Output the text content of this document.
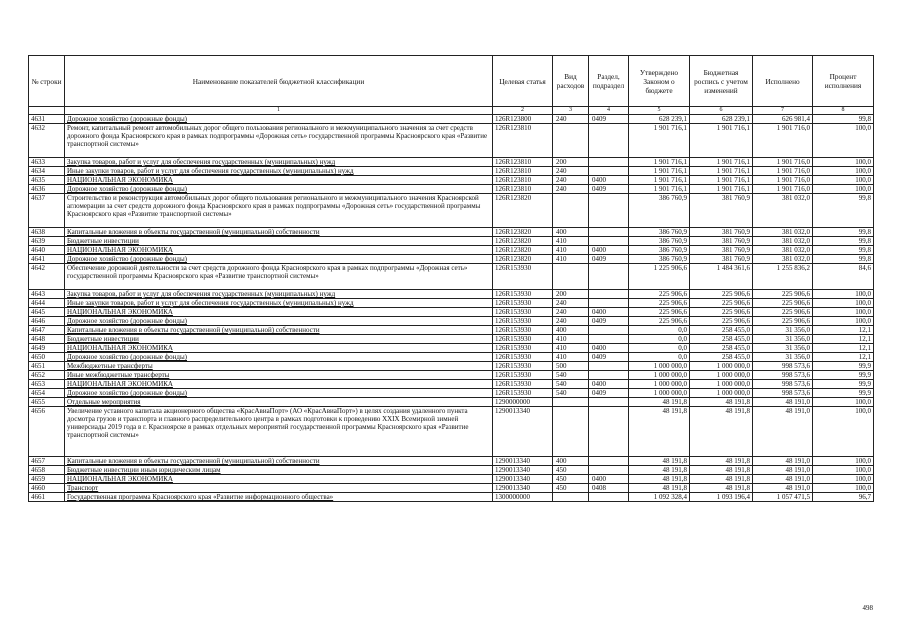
№ строки	Наименование показателей бюджетной классификации	Целевая статья	Вид расходов	Раздел, подраздел	Утверждено Законом о бюджете	Бюджетная роспись с учетом изменений	Исполнено	Процент исполнения
	1	2	3	4	5	6	7	8
4631	Дорожное хозяйство (дорожные фонды)	126R123800	240	0409	628 239,1	628 239,1	626 981,4	99,8
4632	Ремонт, капитальный ремонт автомобильных дорог общего пользования регионального и межмуниципального значения за счет средств дорожного фонда Красноярского края в рамках подпрограммы «Дорожная сеть» государственной программы Красноярского края «Развитие транспортной системы»	126R123810			1 901 716,1	1 901 716,1	1 901 716,0	100,0
4633	Закупка товаров, работ и услуг для обеспечения государственных (муниципальных) нужд	126R123810	200		1 901 716,1	1 901 716,1	1 901 716,0	100,0
4634	Иные закупки товаров, работ и услуг для обеспечения государственных (муниципальных) нужд	126R123810	240		1 901 716,1	1 901 716,1	1 901 716,0	100,0
4635	НАЦИОНАЛЬНАЯ ЭКОНОМИКА	126R123810	240	0400	1 901 716,1	1 901 716,1	1 901 716,0	100,0
4636	Дорожное хозяйство (дорожные фонды)	126R123810	240	0409	1 901 716,1	1 901 716,1	1 901 716,0	100,0
4637	Строительство и реконструкция автомобильных дорог общего пользования регионального и межмуниципального значения Красноярской агломерации за счет средств дорожного фонда Красноярского края в рамках подпрограммы «Дорожная сеть» государственной программы Красноярского края «Развитие транспортной системы»	126R123820			386 760,9	381 760,9	381 032,0	99,8
4638	Капитальные вложения в объекты государственной (муниципальной) собственности	126R123820	400		386 760,9	381 760,9	381 032,0	99,8
4639	Бюджетные инвестиции	126R123820	410		386 760,9	381 760,9	381 032,0	99,8
4640	НАЦИОНАЛЬНАЯ ЭКОНОМИКА	126R123820	410	0400	386 760,9	381 760,9	381 032,0	99,8
4641	Дорожное хозяйство (дорожные фонды)	126R123820	410	0409	386 760,9	381 760,9	381 032,0	99,8
4642	Обеспечение дорожной деятельности за счет средств дорожного фонда Красноярского края в рамках подпрограммы «Дорожная сеть» государственной программы Красноярского края «Развитие транспортной системы»	126R153930			1 225 906,6	1 484 361,6	1 255 836,2	84,6
4643	Закупка товаров, работ и услуг для обеспечения государственных (муниципальных) нужд	126R153930	200		225 906,6	225 906,6	225 906,6	100,0
4644	Иные закупки товаров, работ и услуг для обеспечения государственных (муниципальных) нужд	126R153930	240		225 906,6	225 906,6	225 906,6	100,0
4645	НАЦИОНАЛЬНАЯ ЭКОНОМИКА	126R153930	240	0400	225 906,6	225 906,6	225 906,6	100,0
4646	Дорожное хозяйство (дорожные фонды)	126R153930	240	0409	225 906,6	225 906,6	225 906,6	100,0
4647	Капитальные вложения в объекты государственной (муниципальной) собственности	126R153930	400		0,0	258 455,0	31 356,0	12,1
4648	Бюджетные инвестиции	126R153930	410		0,0	258 455,0	31 356,0	12,1
4649	НАЦИОНАЛЬНАЯ ЭКОНОМИКА	126R153930	410	0400	0,0	258 455,0	31 356,0	12,1
4650	Дорожное хозяйство (дорожные фонды)	126R153930	410	0409	0,0	258 455,0	31 356,0	12,1
4651	Межбюджетные трансферты	126R153930	500		1 000 000,0	1 000 000,0	998 573,6	99,9
4652	Иные межбюджетные трансферты	126R153930	540		1 000 000,0	1 000 000,0	998 573,6	99,9
4653	НАЦИОНАЛЬНАЯ ЭКОНОМИКА	126R153930	540	0400	1 000 000,0	1 000 000,0	998 573,6	99,9
4654	Дорожное хозяйство (дорожные фонды)	126R153930	540	0409	1 000 000,0	1 000 000,0	998 573,6	99,9
4655	Отдельные мероприятия	1290000000			48 191,8	48 191,8	48 191,0	100,0
4656	Увеличение уставного капитала акционерного общества «КрасАвиаПорт» (АО «КрасАвиаПорт») в целях создания удаленного пункта досмотра грузов и транспорта и главного распределительного центра в рамках подготовки к проведению XXIX Всемирной зимней универсиады 2019 года в г. Красноярске в рамках отдельных мероприятий государственной программы Красноярского края «Развитие транспортной системы»	1290013340			48 191,8	48 191,8	48 191,0	100,0
4657	Капитальные вложения в объекты государственной (муниципальной) собственности	1290013340	400		48 191,8	48 191,8	48 191,0	100,0
4658	Бюджетные инвестиции иным юридическим лицам	1290013340	450		48 191,8	48 191,8	48 191,0	100,0
4659	НАЦИОНАЛЬНАЯ ЭКОНОМИКА	1290013340	450	0400	48 191,8	48 191,8	48 191,0	100,0
4660	Транспорт	1290013340	450	0408	48 191,8	48 191,8	48 191,0	100,0
4661	Государственная программа Красноярского края «Развитие информационного общества»	1300000000			1 092 328,4	1 093 196,4	1 057 471,5	96,7
498
